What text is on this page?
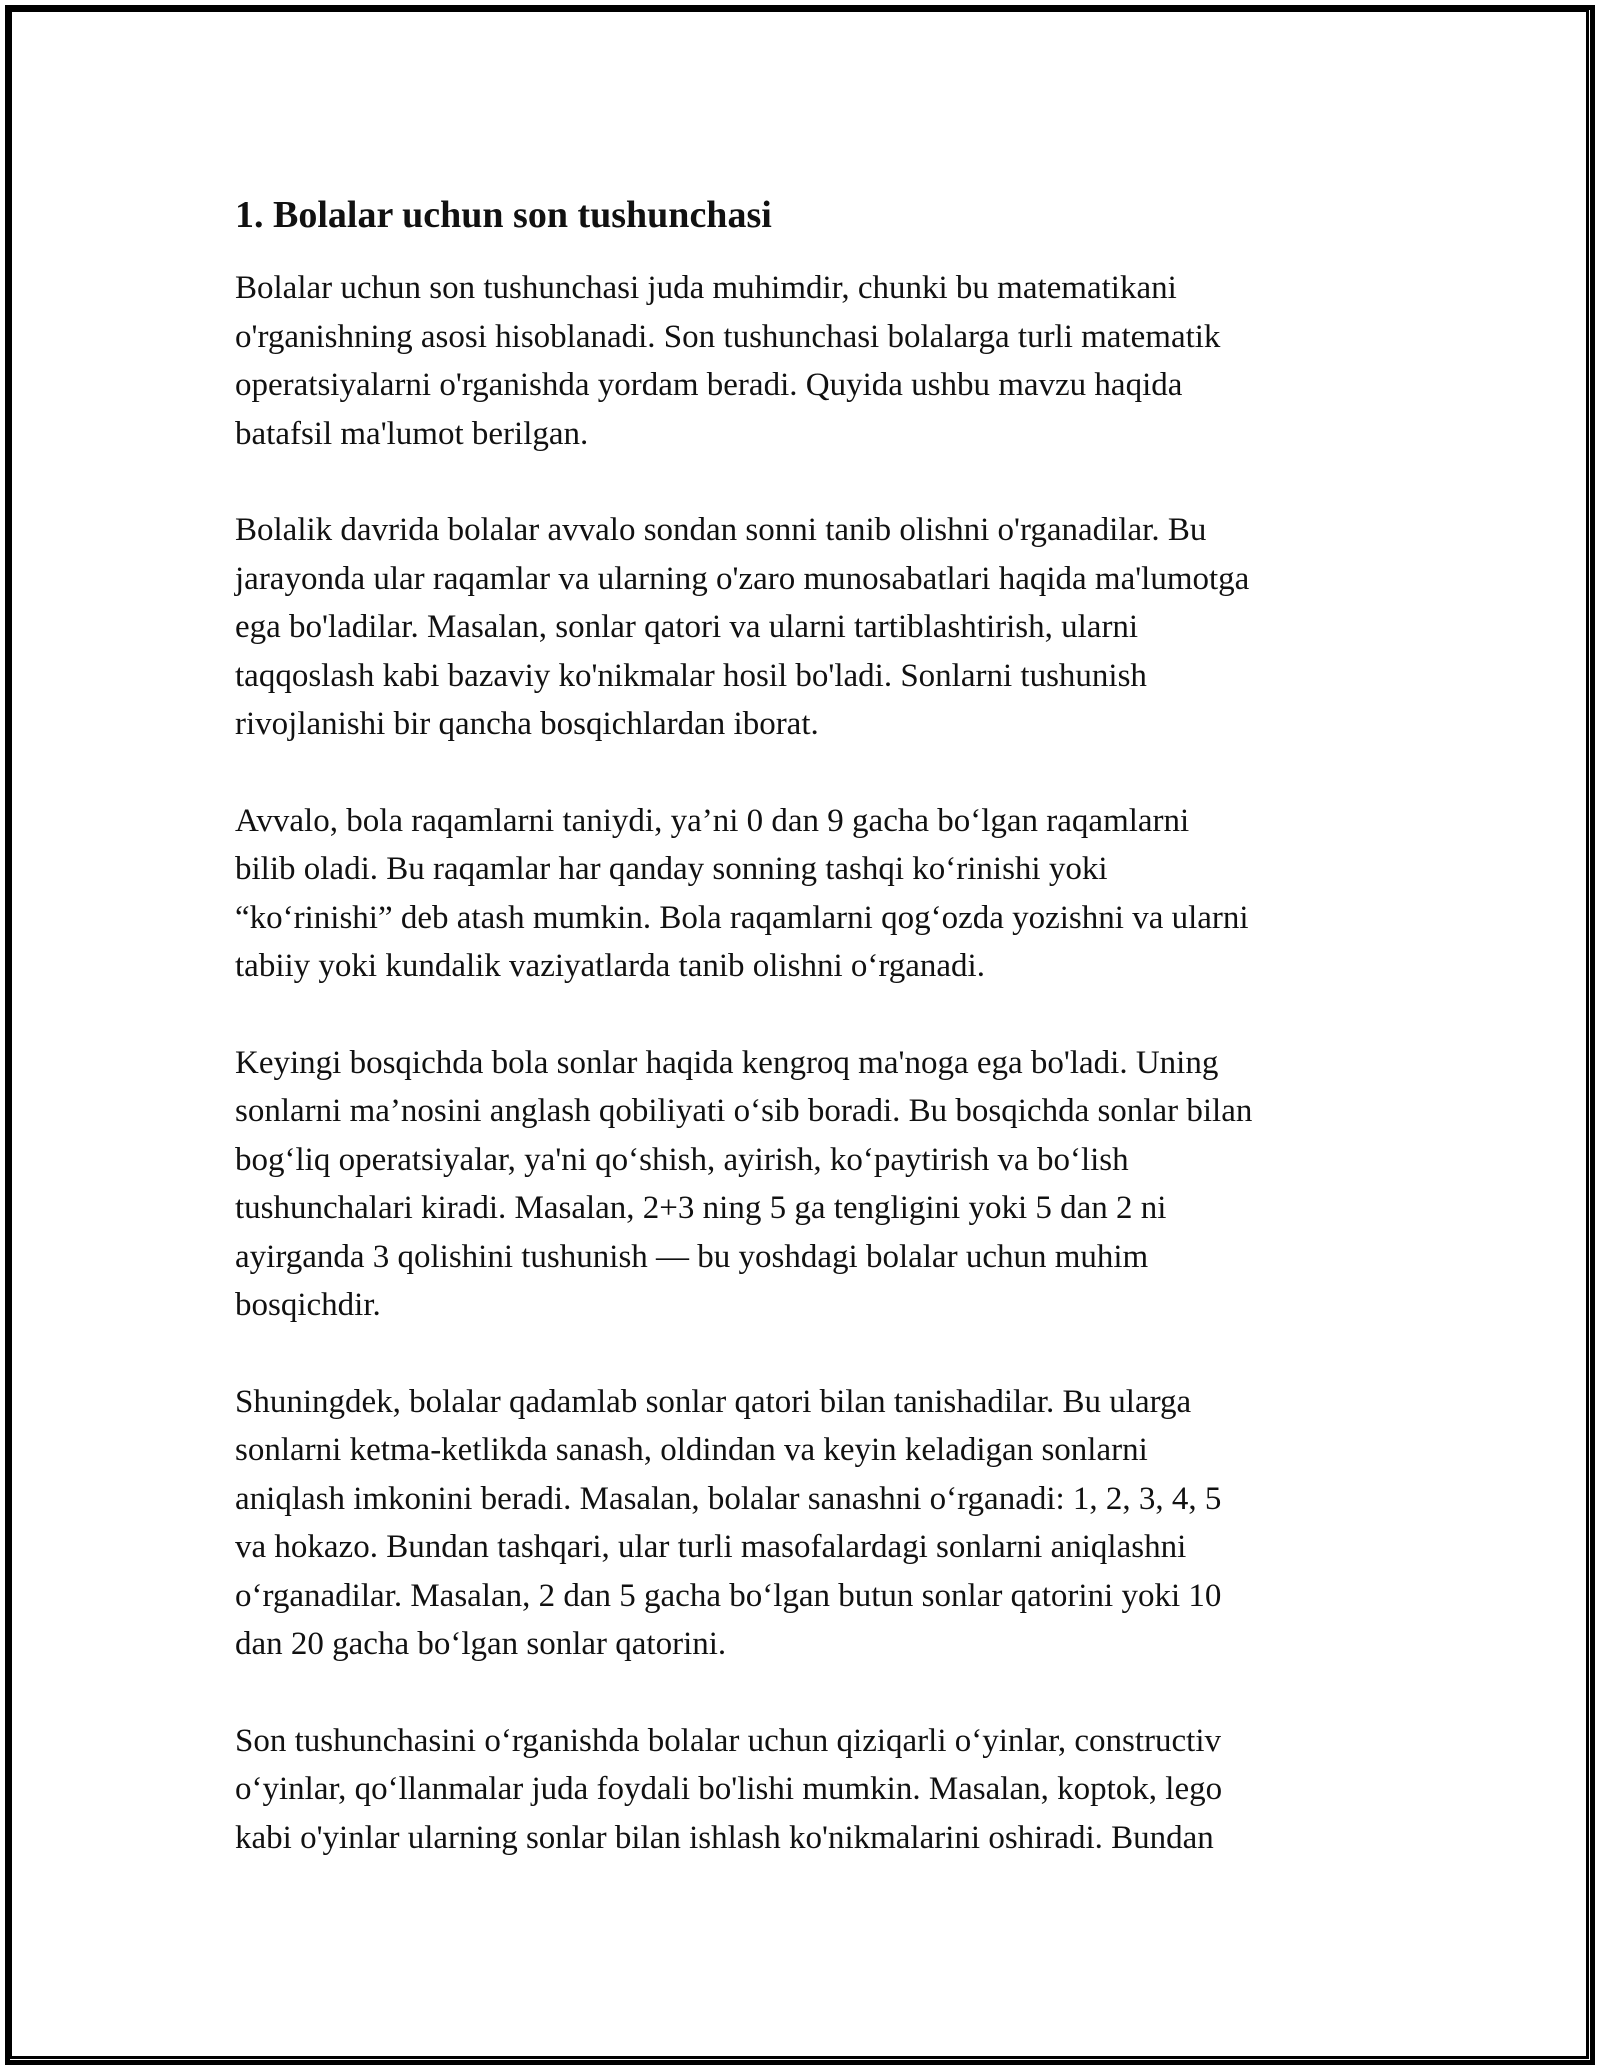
1. Bolalar uchun son tushunchasi

Bolalar uchun son tushunchasi juda muhimdir, chunki bu matematikani
o'rganishning asosi hisoblanadi. Son tushunchasi bolalarga turli matematik
operatsiyalarni o'rganishda yordam beradi. Quyida ushbu mavzu haqida
batafsil ma'lumot berilgan.

Bolalik davrida bolalar avvalo sondan sonni tanib olishni o'rganadilar. Bu
jarayonda ular raqamlar va ularning o'zaro munosabatlari haqida ma'lumotga
ega bo'ladilar. Masalan, sonlar qatori va ularni tartiblashtirish, ularni
taqqoslash kabi bazaviy ko'nikmalar hosil bo'ladi. Sonlarni tushunish
rivojlanishi bir qancha bosqichlardan iborat.

Avvalo, bola raqamlarni taniydi, ya’ni 0 dan 9 gacha bo‘lgan raqamlarni
bilib oladi. Bu raqamlar har qanday sonning tashqi ko‘rinishi yoki
“ko‘rinishi” deb atash mumkin. Bola raqamlarni qog‘ozda yozishni va ularni
tabiiy yoki kundalik vaziyatlarda tanib olishni o‘rganadi.

Keyingi bosqichda bola sonlar haqida kengroq ma'noga ega bo'ladi. Uning
sonlarni ma’nosini anglash qobiliyati o‘sib boradi. Bu bosqichda sonlar bilan
bog‘liq operatsiyalar, ya'ni qo‘shish, ayirish, ko‘paytirish va bo‘lish
tushunchalari kiradi. Masalan, 2+3 ning 5 ga tengligini yoki 5 dan 2 ni
ayirganda 3 qolishini tushunish — bu yoshdagi bolalar uchun muhim
bosqichdir.

Shuningdek, bolalar qadamlab sonlar qatori bilan tanishadilar. Bu ularga
sonlarni ketma-ketlikda sanash, oldindan va keyin keladigan sonlarni
aniqlash imkonini beradi. Masalan, bolalar sanashni o‘rganadi: 1, 2, 3, 4, 5
va hokazo. Bundan tashqari, ular turli masofalardagi sonlarni aniqlashni
o‘rganadilar. Masalan, 2 dan 5 gacha bo‘lgan butun sonlar qatorini yoki 10
dan 20 gacha bo‘lgan sonlar qatorini.

Son tushunchasini o‘rganishda bolalar uchun qiziqarli o‘yinlar, constructiv
o‘yinlar, qo‘llanmalar juda foydali bo'lishi mumkin. Masalan, koptok, lego
kabi o'yinlar ularning sonlar bilan ishlash ko'nikmalarini oshiradi. Bundan
